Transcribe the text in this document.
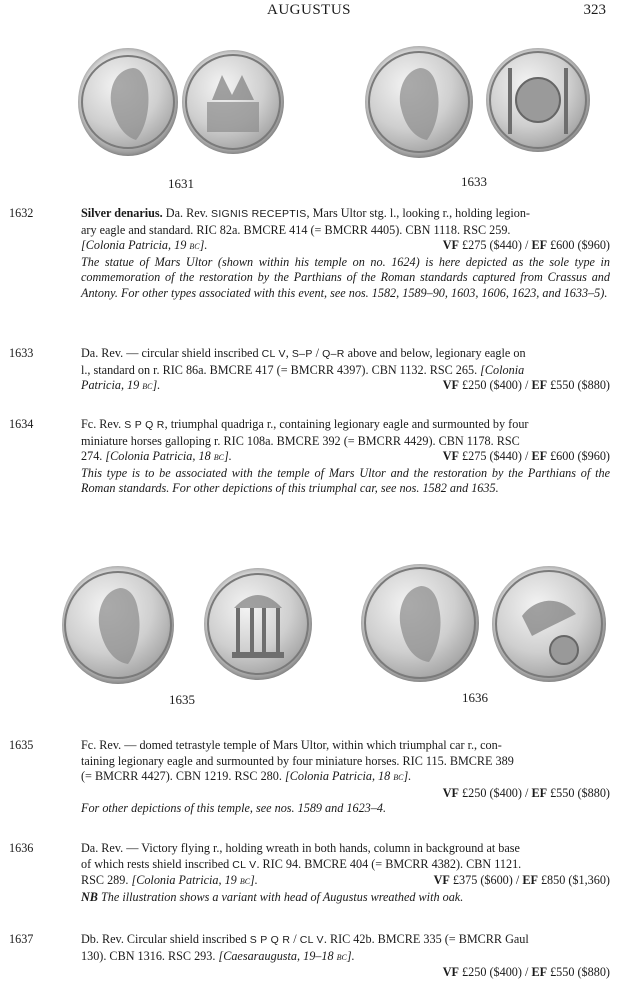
AUGUSTUS	323
1631	1633
1632	Silver denarius. Da. Rev. SIGNIS RECEPTIS, Mars Ultor stg. l., looking r., holding legion-

ary eagle and standard. RIC 82a. BMCRE 414 (= BMCRR 4405). CBN 1118. RSC 259.

[Colonia Patricia, 19 bc].	VF £275 ($440) / EF £600 ($960)

The statue of Mars Ultor (shown within his temple on no. 1624) is here depicted as the sole type in commemoration of the restoration by the Parthians of the Roman standards captured from Crassus and Antony. For other types associated with this event, see nos. 1582, 1589–90, 1603, 1606, 1623, and 1633–5).

1633	Da. Rev. — circular shield inscribed CL V, S–P / Q–R above and below, legionary eagle on

l., standard on r. RIC 86a. BMCRE 417 (= BMCRR 4397). CBN 1132. RSC 265. [Colonia

Patricia, 19 bc].	VF £250 ($400) / EF £550 ($880)

1634	Fc. Rev. S P Q R, triumphal quadriga r., containing legionary eagle and surmounted by four

miniature horses galloping r. RIC 108a. BMCRE 392 (= BMCRR 4429). CBN 1178. RSC

274. [Colonia Patricia, 18 bc].	VF £275 ($440) / EF £600 ($960)

This type is to be associated with the temple of Mars Ultor and the restoration by the Parthians of the Roman standards. For other depictions of this triumphal car, see nos. 1582 and 1635.

1635	1636
1635	Fc. Rev. — domed tetrastyle temple of Mars Ultor, within which triumphal car r., con-

taining legionary eagle and surmounted by four miniature horses. RIC 115. BMCRE 389

(= BMCRR 4427). CBN 1219. RSC 280. [Colonia Patricia, 18 bc].

VF £250 ($400) / EF £550 ($880)

For other depictions of this temple, see nos. 1589 and 1623–4.

1636	Da. Rev. — Victory flying r., holding wreath in both hands, column in background at base

of which rests shield inscribed CL V. RIC 94. BMCRE 404 (= BMCRR 4382). CBN 1121.

RSC 289. [Colonia Patricia, 19 bc].	VF £375 ($600) / EF £850 ($1,360)

NB The illustration shows a variant with head of Augustus wreathed with oak.

1637	Db. Rev. Circular shield inscribed S P Q R / CL V. RIC 42b. BMCRE 335 (= BMCRR Gaul

130). CBN 1316. RSC 293. [Caesaraugusta, 19–18 bc].

VF £250 ($400) / EF £550 ($880)
